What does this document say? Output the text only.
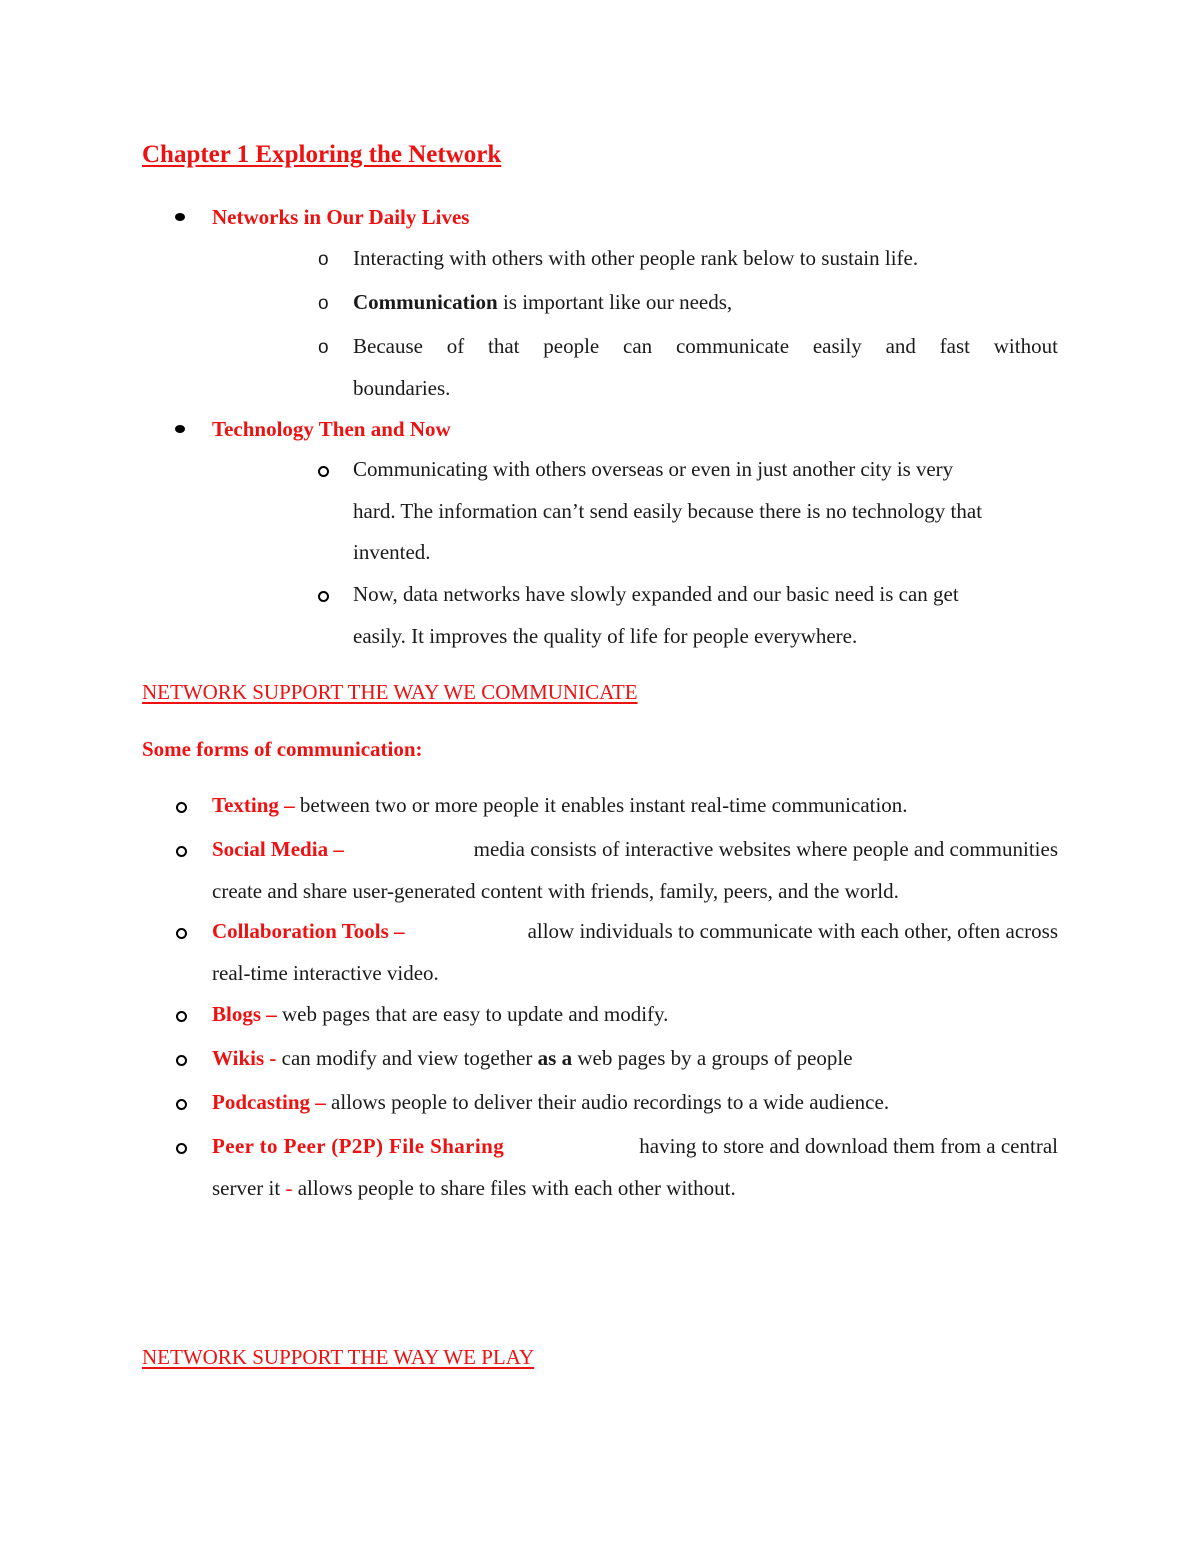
Chapter 1 Exploring the Network
Networks in Our Daily Lives
o Interacting with others with other people rank below to sustain life.
o Communication is important like our needs,
o Because of that people can communicate easily and fast without
boundaries.
Technology Then and Now
Communicating with others overseas or even in just another city is very
hard. The information can’t send easily because there is no technology that
invented.
Now, data networks have slowly expanded and our basic need is can get
easily. It improves the quality of life for people everywhere.
NETWORK SUPPORT THE WAY WE COMMUNICATE
Some forms of communication:
Texting – between two or more people it enables instant real-time communication.
Social Media –	media consists of interactive websites where people and communities
create and share user-generated content with friends, family, peers, and the world.
Collaboration Tools –	allow individuals to communicate with each other, often across
real-time interactive video.
Blogs – web pages that are easy to update and modify.
Wikis - can modify and view together as a web pages by a groups of people
Podcasting – allows people to deliver their audio recordings to a wide audience.
Peer to Peer (P2P) File Sharing	having to store and download them from a central
server it - allows people to share files with each other without.
NETWORK SUPPORT THE WAY WE PLAY
